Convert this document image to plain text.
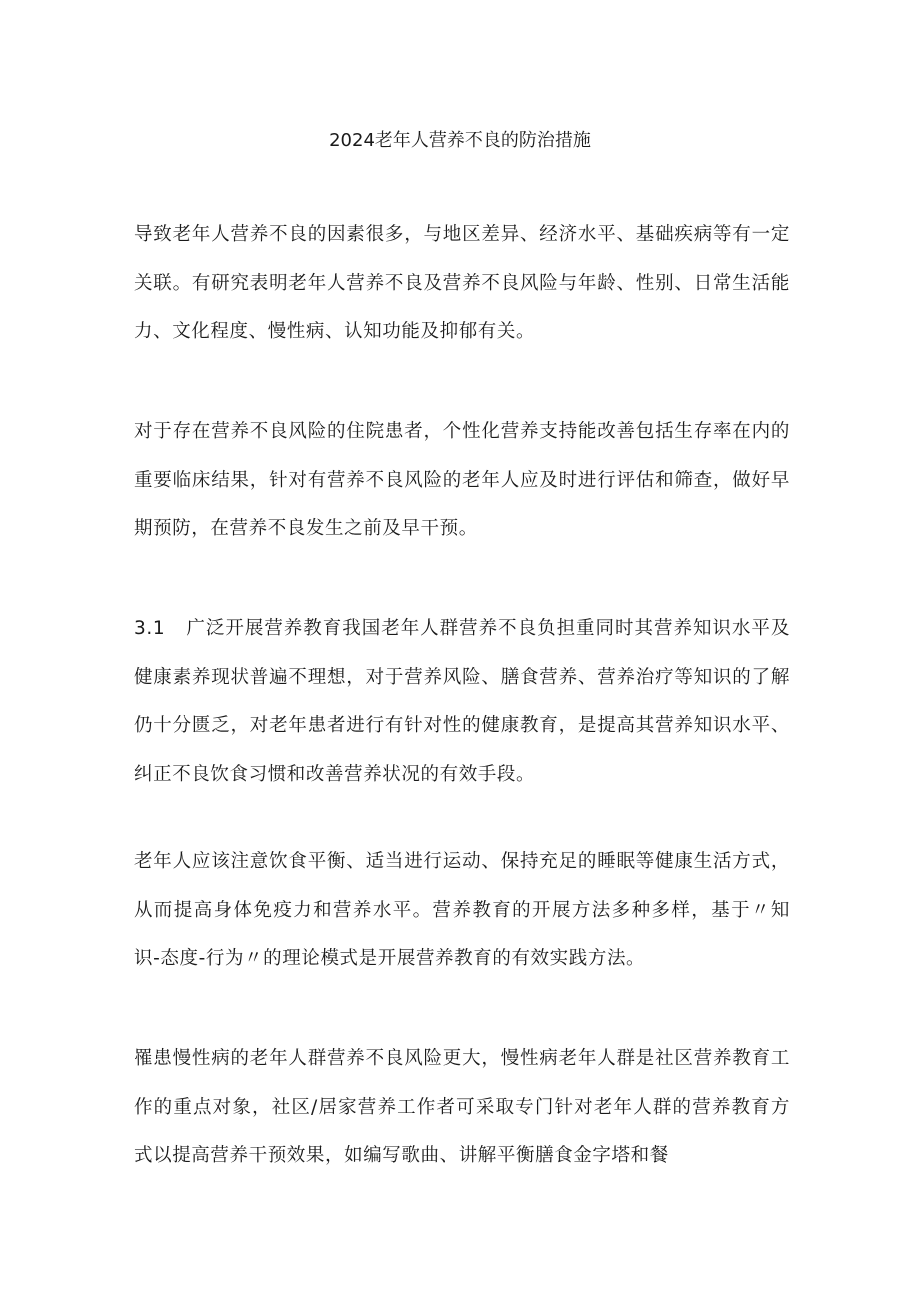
2024老年人营养不良的防治措施

导致老年人营养不良的因素很多，与地区差异、经济水平、基础疾病等有一定关联。有研究表明老年人营养不良及营养不良风险与年龄、性别、日常生活能力、文化程度、慢性病、认知功能及抑郁有关。

对于存在营养不良风险的住院患者，个性化营养支持能改善包括生存率在内的重要临床结果，针对有营养不良风险的老年人应及时进行评估和筛查，做好早期预防，在营养不良发生之前及早干预。

3.1 广泛开展营养教育我国老年人群营养不良负担重同时其营养知识水平及健康素养现状普遍不理想，对于营养风险、膳食营养、营养治疗等知识的了解仍十分匮乏，对老年患者进行有针对性的健康教育，是提高其营养知识水平、纠正不良饮食习惯和改善营养状况的有效手段。

老年人应该注意饮食平衡、适当进行运动、保持充足的睡眠等健康生活方式，从而提高身体免疫力和营养水平。营养教育的开展方法多种多样，基于〃知识-态度-行为〃的理论模式是开展营养教育的有效实践方法。

罹患慢性病的老年人群营养不良风险更大，慢性病老年人群是社区营养教育工作的重点对象，社区/居家营养工作者可采取专门针对老年人群的营养教育方式以提高营养干预效果，如编写歌曲、讲解平衡膳食金字塔和餐
